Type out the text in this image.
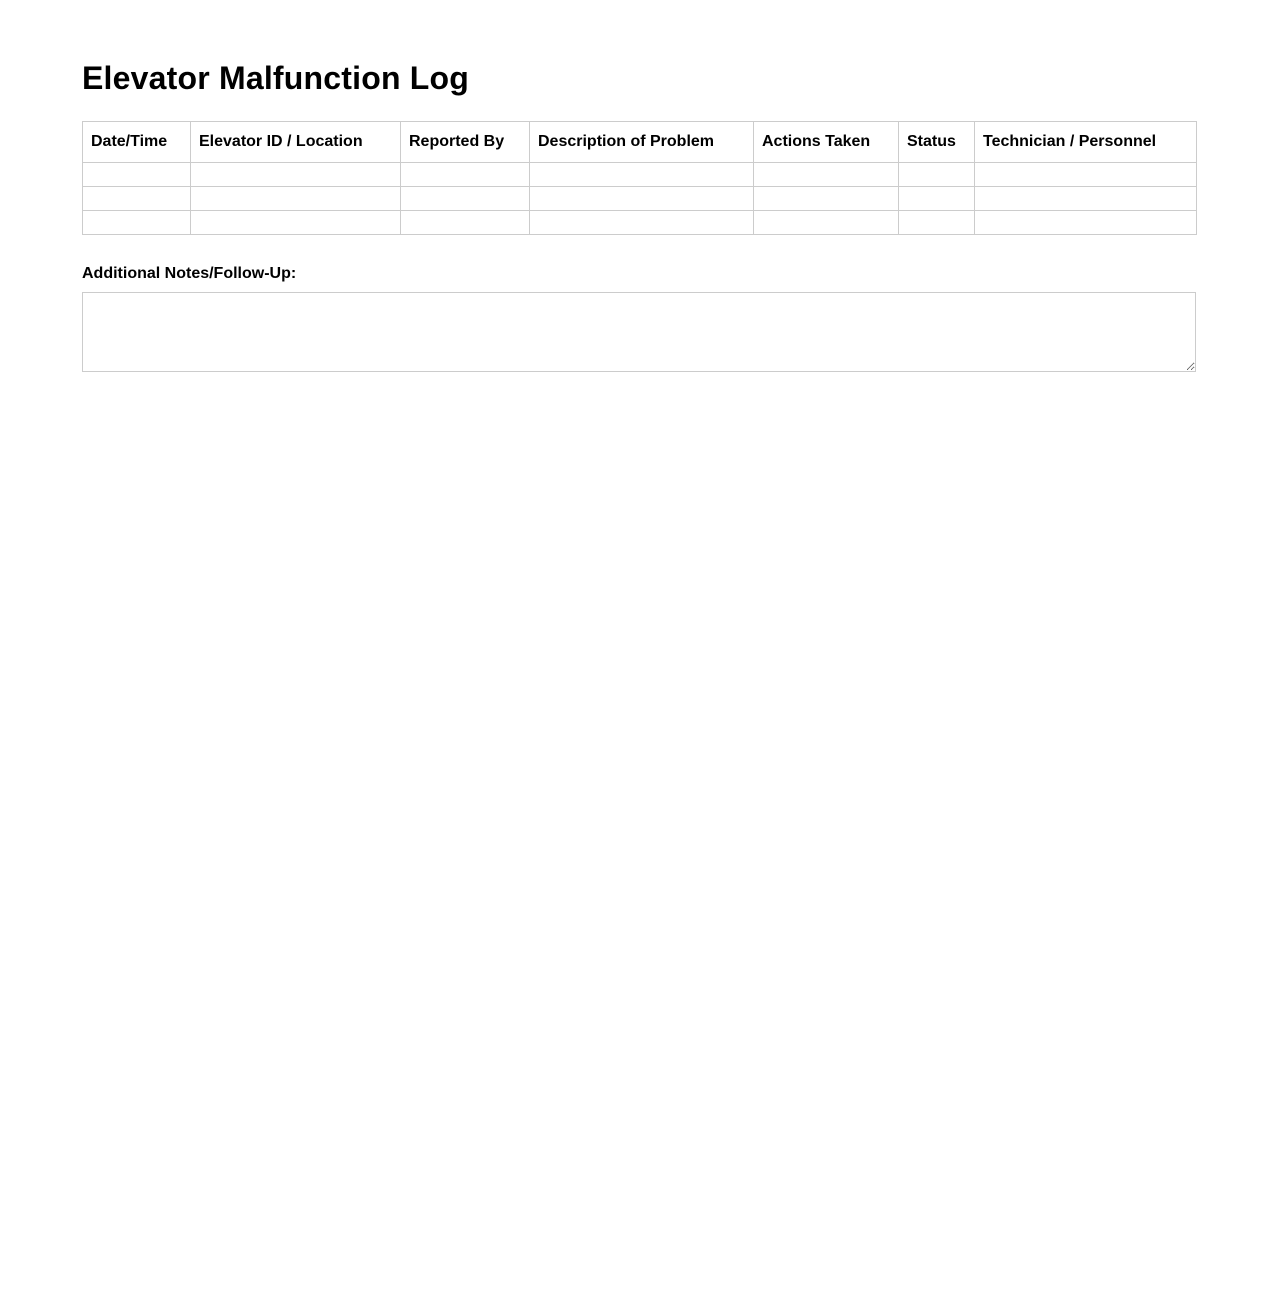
Elevator Malfunction Log
Date/Time	Elevator ID / Location	Reported By	Description of Problem	Actions Taken	Status	Technician / Personnel

Additional Notes/Follow-Up:
